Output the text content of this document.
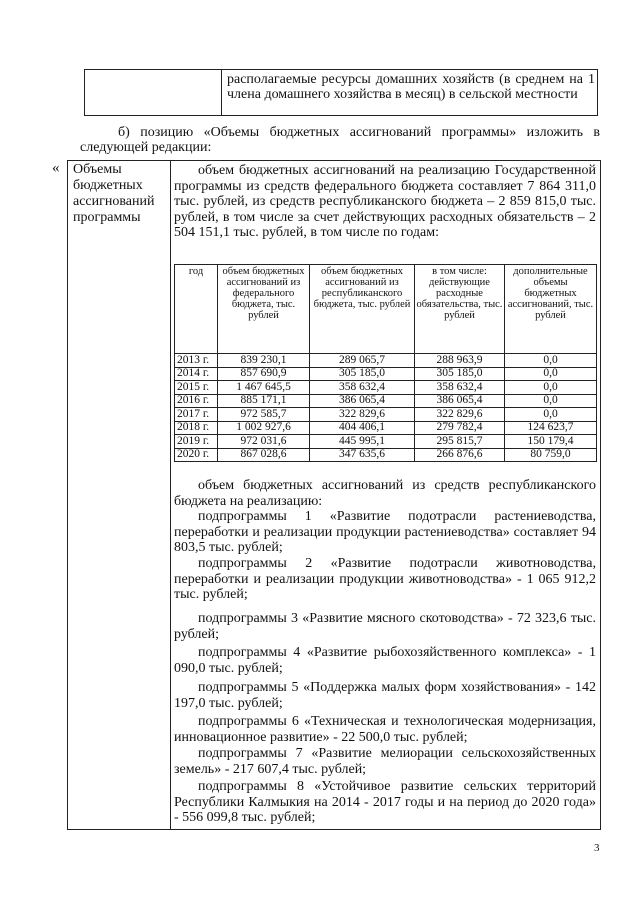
располагаемые ресурсы домашних хозяйств (в среднем на 1 члена домашнего хозяйства в месяц) в сельской местности
б) позицию «Объемы бюджетных ассигнований программы» изложить в следующей редакции:
« Объемы бюджетных ассигнований программы
объем бюджетных ассигнований на реализацию Государственной программы из средств федерального бюджета составляет 7 864 311,0 тыс. рублей, из средств республиканского бюджета – 2 859 815,0 тыс. рублей, в том числе за счет действующих расходных обязательств – 2 504 151,1 тыс. рублей, в том числе по годам:
год	объем бюджетных ассигнований из федерального бюджета, тыс. рублей	объем бюджетных ассигнований из республиканского бюджета, тыс. рублей	в том числе: действующие расходные обязательства, тыс. рублей	дополнительные объемы бюджетных ассигнований, тыс. рублей
2013 г.	839 230,1	289 065,7	288 963,9	0,0
2014 г.	857 690,9	305 185,0	305 185,0	0,0
2015 г.	1 467 645,5	358 632,4	358 632,4	0,0
2016 г.	885 171,1	386 065,4	386 065,4	0,0
2017 г.	972 585,7	322 829,6	322 829,6	0,0
2018 г.	1 002 927,6	404 406,1	279 782,4	124 623,7
2019 г.	972 031,6	445 995,1	295 815,7	150 179,4
2020 г.	867 028,6	347 635,6	266 876,6	80 759,0
объем бюджетных ассигнований из средств республиканского бюджета на реализацию:
подпрограммы 1 «Развитие подотрасли растениеводства, переработки и реализации продукции растениеводства» составляет 94 803,5 тыс. рублей;
подпрограммы 2 «Развитие подотрасли животноводства, переработки и реализации продукции животноводства» - 1 065 912,2 тыс. рублей;
подпрограммы 3 «Развитие мясного скотоводства» - 72 323,6 тыс. рублей;
подпрограммы 4 «Развитие рыбохозяйственного комплекса» - 1 090,0 тыс. рублей;
подпрограммы 5 «Поддержка малых форм хозяйствования» - 142 197,0 тыс. рублей;
подпрограммы 6 «Техническая и технологическая модернизация, инновационное развитие» - 22 500,0 тыс. рублей;
подпрограммы 7 «Развитие мелиорации сельскохозяйственных земель» - 217 607,4 тыс. рублей;
подпрограммы 8 «Устойчивое развитие сельских территорий Республики Калмыкия на 2014 - 2017 годы и на период до 2020 года» - 556 099,8 тыс. рублей;
3
